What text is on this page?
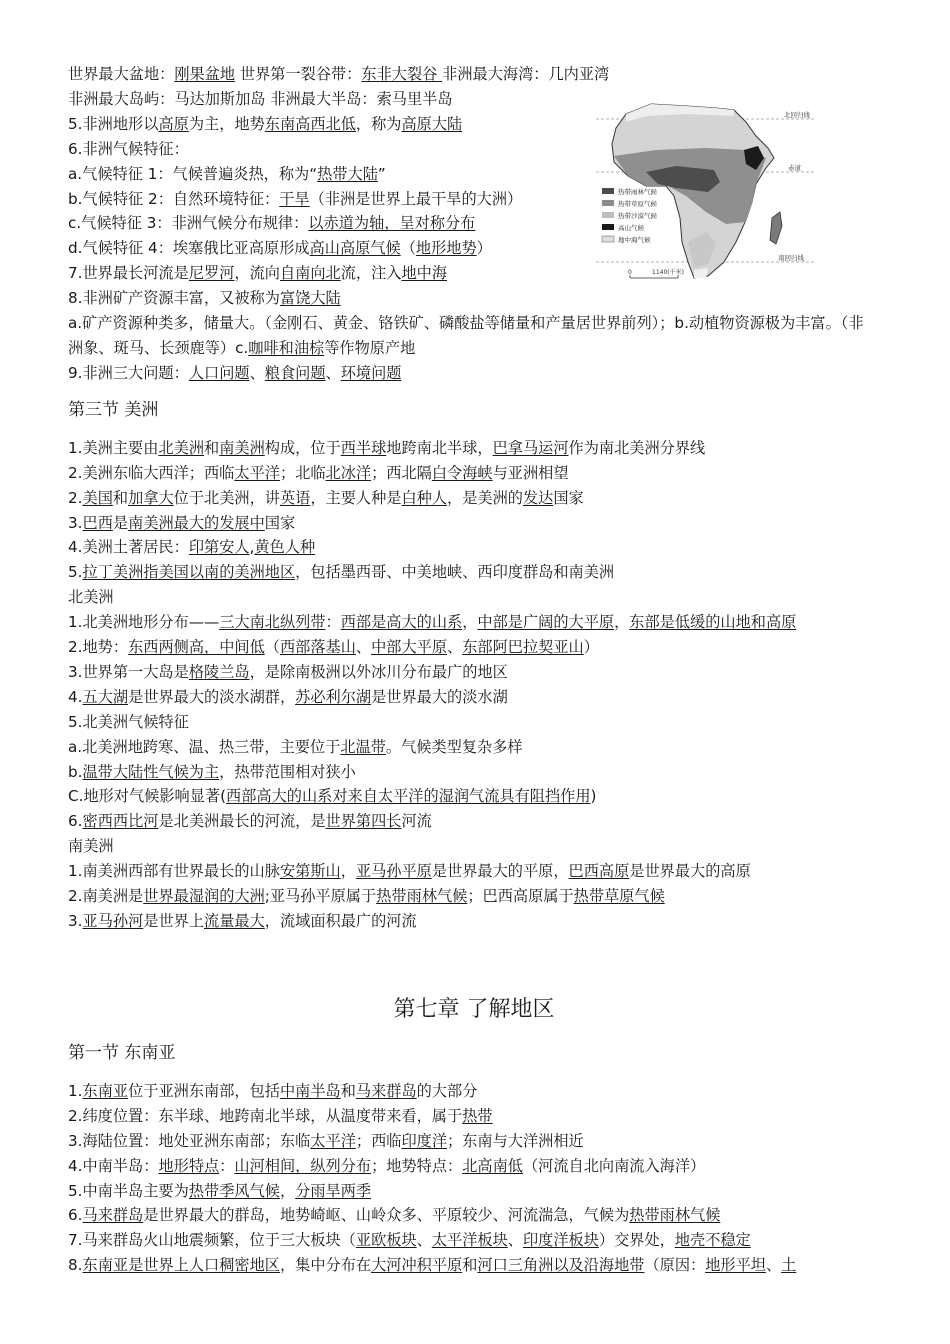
世界最大盆地：刚果盆地 世界第一裂谷带：东非大裂谷 非洲最大海湾：几内亚湾
非洲最大岛屿：马达加斯加岛 非洲最大半岛：索马里半岛
5.非洲地形以高原为主，地势东南高西北低，称为高原大陆
6.非洲气候特征：
a.气候特征 1：气候普遍炎热，称为“热带大陆”
b.气候特征 2：自然环境特征：干旱（非洲是世界上最干旱的大洲）
c.气候特征 3：非洲气候分布规律：以赤道为轴，呈对称分布
d.气候特征 4：埃塞俄比亚高原形成高山高原气候（地形地势）
7.世界最长河流是尼罗河，流向自南向北流，注入地中海
8.非洲矿产资源丰富，又被称为富饶大陆
a.矿产资源种类多，储量大。（金刚石、黄金、铬铁矿、磷酸盐等储量和产量居世界前列）；b.动植物资源极为丰富。（非洲象、斑马、长颈鹿等）c.咖啡和油棕等作物原产地
9.非洲三大问题：人口问题、粮食问题、环境问题
第三节 美洲
1.美洲主要由北美洲和南美洲构成，位于西半球地跨南北半球，巴拿马运河作为南北美洲分界线
2.美洲东临大西洋；西临太平洋；北临北冰洋；西北隔白令海峡与亚洲相望
2.美国和加拿大位于北美洲，讲英语，主要人种是白种人，是美洲的发达国家
3.巴西是南美洲最大的发展中国家
4.美洲土著居民：印第安人,黄色人种
5.拉丁美洲指美国以南的美洲地区，包括墨西哥、中美地峡、西印度群岛和南美洲
北美洲
1.北美洲地形分布——三大南北纵列带：西部是高大的山系，中部是广阔的大平原，东部是低缓的山地和高原
2.地势：东西两侧高，中间低（西部落基山、中部大平原、东部阿巴拉契亚山）
3.世界第一大岛是格陵兰岛，是除南极洲以外冰川分布最广的地区
4.五大湖是世界最大的淡水湖群，苏必利尔湖是世界最大的淡水湖
5.北美洲气候特征
a.北美洲地跨寒、温、热三带，主要位于北温带。气候类型复杂多样
b.温带大陆性气候为主，热带范围相对狭小
C.地形对气候影响显著(西部高大的山系对来自太平洋的湿润气流具有阻挡作用)
6.密西西比河是北美洲最长的河流，是世界第四长河流
南美洲
1.南美洲西部有世界最长的山脉安第斯山，亚马孙平原是世界最大的平原，巴西高原是世界最大的高原
2.南美洲是世界最湿润的大洲;亚马孙平原属于热带雨林气候；巴西高原属于热带草原气候
3.亚马孙河是世界上流量最大，流域面积最广的河流
第七章 了解地区
第一节 东南亚
1.东南亚位于亚洲东南部，包括中南半岛和马来群岛的大部分
2.纬度位置：东半球、地跨南北半球，从温度带来看，属于热带
3.海陆位置：地处亚洲东南部；东临太平洋；西临印度洋；东南与大洋洲相近
4.中南半岛：地形特点：山河相间，纵列分布；地势特点：北高南低（河流自北向南流入海洋）
5.中南半岛主要为热带季风气候，分雨旱两季
6.马来群岛是世界最大的群岛，地势崎岖、山岭众多、平原较少、河流湍急，气候为热带雨林气候
7.马来群岛火山地震频繁，位于三大板块（亚欧板块、太平洋板块、印度洋板块）交界处，地壳不稳定
8.东南亚是世界上人口稠密地区，集中分布在大河冲积平原和河口三角洲以及沿海地带（原因：地形平坦、土
北回归线
赤道
南回归线
热带雨林气候
热带草原气候
热带沙漠气候
高山气候
地中海气候
0	1140(千米)
